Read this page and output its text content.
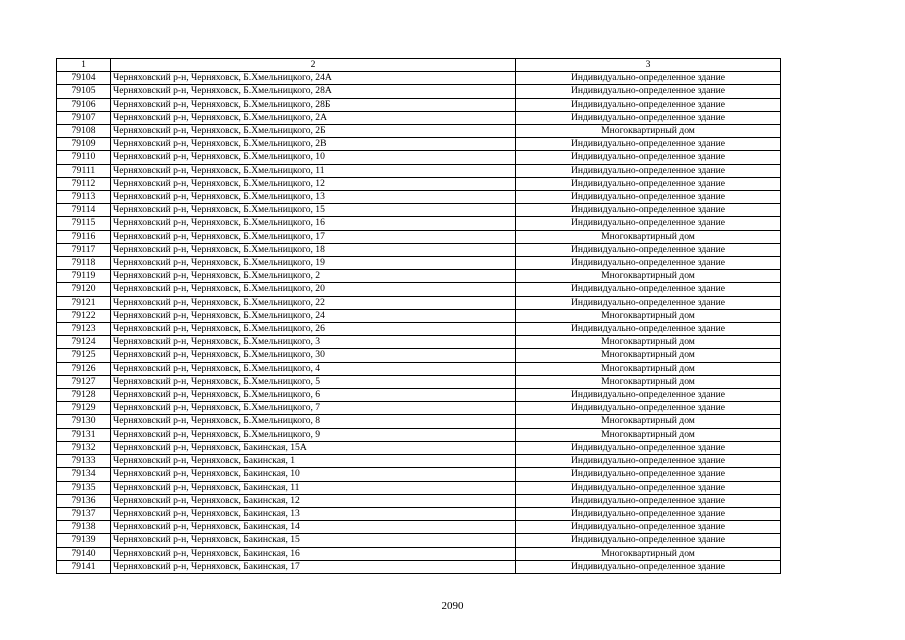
1	2	3
79104	Черняховский р-н, Черняховск, Б.Хмельницкого, 24А	Индивидуально-определенное здание
79105	Черняховский р-н, Черняховск, Б.Хмельницкого, 28А	Индивидуально-определенное здание
79106	Черняховский р-н, Черняховск, Б.Хмельницкого, 28Б	Индивидуально-определенное здание
79107	Черняховский р-н, Черняховск, Б.Хмельницкого, 2А	Индивидуально-определенное здание
79108	Черняховский р-н, Черняховск, Б.Хмельницкого, 2Б	Многоквартирный дом
79109	Черняховский р-н, Черняховск, Б.Хмельницкого, 2В	Индивидуально-определенное здание
79110	Черняховский р-н, Черняховск, Б.Хмельницкого, 10	Индивидуально-определенное здание
79111	Черняховский р-н, Черняховск, Б.Хмельницкого, 11	Индивидуально-определенное здание
79112	Черняховский р-н, Черняховск, Б.Хмельницкого, 12	Индивидуально-определенное здание
79113	Черняховский р-н, Черняховск, Б.Хмельницкого, 13	Индивидуально-определенное здание
79114	Черняховский р-н, Черняховск, Б.Хмельницкого, 15	Индивидуально-определенное здание
79115	Черняховский р-н, Черняховск, Б.Хмельницкого, 16	Индивидуально-определенное здание
79116	Черняховский р-н, Черняховск, Б.Хмельницкого, 17	Многоквартирный дом
79117	Черняховский р-н, Черняховск, Б.Хмельницкого, 18	Индивидуально-определенное здание
79118	Черняховский р-н, Черняховск, Б.Хмельницкого, 19	Индивидуально-определенное здание
79119	Черняховский р-н, Черняховск, Б.Хмельницкого, 2	Многоквартирный дом
79120	Черняховский р-н, Черняховск, Б.Хмельницкого, 20	Индивидуально-определенное здание
79121	Черняховский р-н, Черняховск, Б.Хмельницкого, 22	Индивидуально-определенное здание
79122	Черняховский р-н, Черняховск, Б.Хмельницкого, 24	Многоквартирный дом
79123	Черняховский р-н, Черняховск, Б.Хмельницкого, 26	Индивидуально-определенное здание
79124	Черняховский р-н, Черняховск, Б.Хмельницкого, 3	Многоквартирный дом
79125	Черняховский р-н, Черняховск, Б.Хмельницкого, 30	Многоквартирный дом
79126	Черняховский р-н, Черняховск, Б.Хмельницкого, 4	Многоквартирный дом
79127	Черняховский р-н, Черняховск, Б.Хмельницкого, 5	Многоквартирный дом
79128	Черняховский р-н, Черняховск, Б.Хмельницкого, 6	Индивидуально-определенное здание
79129	Черняховский р-н, Черняховск, Б.Хмельницкого, 7	Индивидуально-определенное здание
79130	Черняховский р-н, Черняховск, Б.Хмельницкого, 8	Многоквартирный дом
79131	Черняховский р-н, Черняховск, Б.Хмельницкого, 9	Многоквартирный дом
79132	Черняховский р-н, Черняховск, Бакинская, 15А	Индивидуально-определенное здание
79133	Черняховский р-н, Черняховск, Бакинская, 1	Индивидуально-определенное здание
79134	Черняховский р-н, Черняховск, Бакинская, 10	Индивидуально-определенное здание
79135	Черняховский р-н, Черняховск, Бакинская, 11	Индивидуально-определенное здание
79136	Черняховский р-н, Черняховск, Бакинская, 12	Индивидуально-определенное здание
79137	Черняховский р-н, Черняховск, Бакинская, 13	Индивидуально-определенное здание
79138	Черняховский р-н, Черняховск, Бакинская, 14	Индивидуально-определенное здание
79139	Черняховский р-н, Черняховск, Бакинская, 15	Индивидуально-определенное здание
79140	Черняховский р-н, Черняховск, Бакинская, 16	Многоквартирный дом
79141	Черняховский р-н, Черняховск, Бакинская, 17	Индивидуально-определенное здание
2090
